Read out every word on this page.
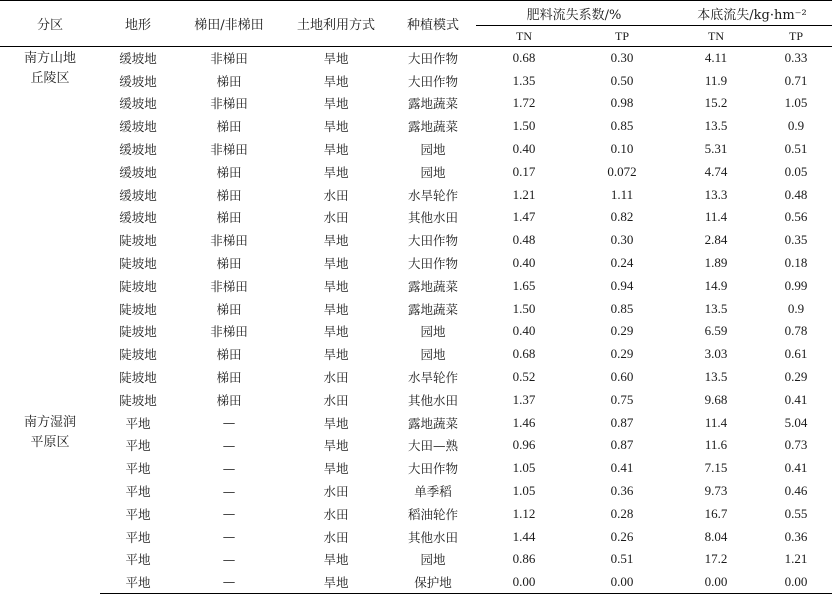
分区	地形	梯田/非梯田	土地利用方式	种植模式	肥料流失系数/%		本底流失/kg·hm⁻²	
					TN	TP	TN	TP

南方山地
丘陵区	缓坡地	非梯田	旱地	大田作物	0.68	0.30	4.11	0.33
	缓坡地	梯田	旱地	大田作物	1.35	0.50	11.9	0.71
	缓坡地	非梯田	旱地	露地蔬菜	1.72	0.98	15.2	1.05
	缓坡地	梯田	旱地	露地蔬菜	1.50	0.85	13.5	0.9
	缓坡地	非梯田	旱地	园地	0.40	0.10	5.31	0.51
	缓坡地	梯田	旱地	园地	0.17	0.072	4.74	0.05
	缓坡地	梯田	水田	水旱轮作	1.21	1.11	13.3	0.48
	缓坡地	梯田	水田	其他水田	1.47	0.82	11.4	0.56
	陡坡地	非梯田	旱地	大田作物	0.48	0.30	2.84	0.35
	陡坡地	梯田	旱地	大田作物	0.40	0.24	1.89	0.18
	陡坡地	非梯田	旱地	露地蔬菜	1.65	0.94	14.9	0.99
	陡坡地	梯田	旱地	露地蔬菜	1.50	0.85	13.5	0.9
	陡坡地	非梯田	旱地	园地	0.40	0.29	6.59	0.78
	陡坡地	梯田	旱地	园地	0.68	0.29	3.03	0.61
	陡坡地	梯田	水田	水旱轮作	0.52	0.60	13.5	0.29
	陡坡地	梯田	水田	其他水田	1.37	0.75	9.68	0.41

南方湿润
平原区	平地	—	旱地	露地蔬菜	1.46	0.87	11.4	5.04
	平地	—	旱地	大田—熟	0.96	0.87	11.6	0.73
	平地	—	旱地	大田作物	1.05	0.41	7.15	0.41
	平地	—	水田	单季稻	1.05	0.36	9.73	0.46
	平地	—	水田	稻油轮作	1.12	0.28	16.7	0.55
	平地	—	水田	其他水田	1.44	0.26	8.04	0.36
	平地	—	旱地	园地	0.86	0.51	17.2	1.21
	平地	—	旱地	保护地	0.00	0.00	0.00	0.00
